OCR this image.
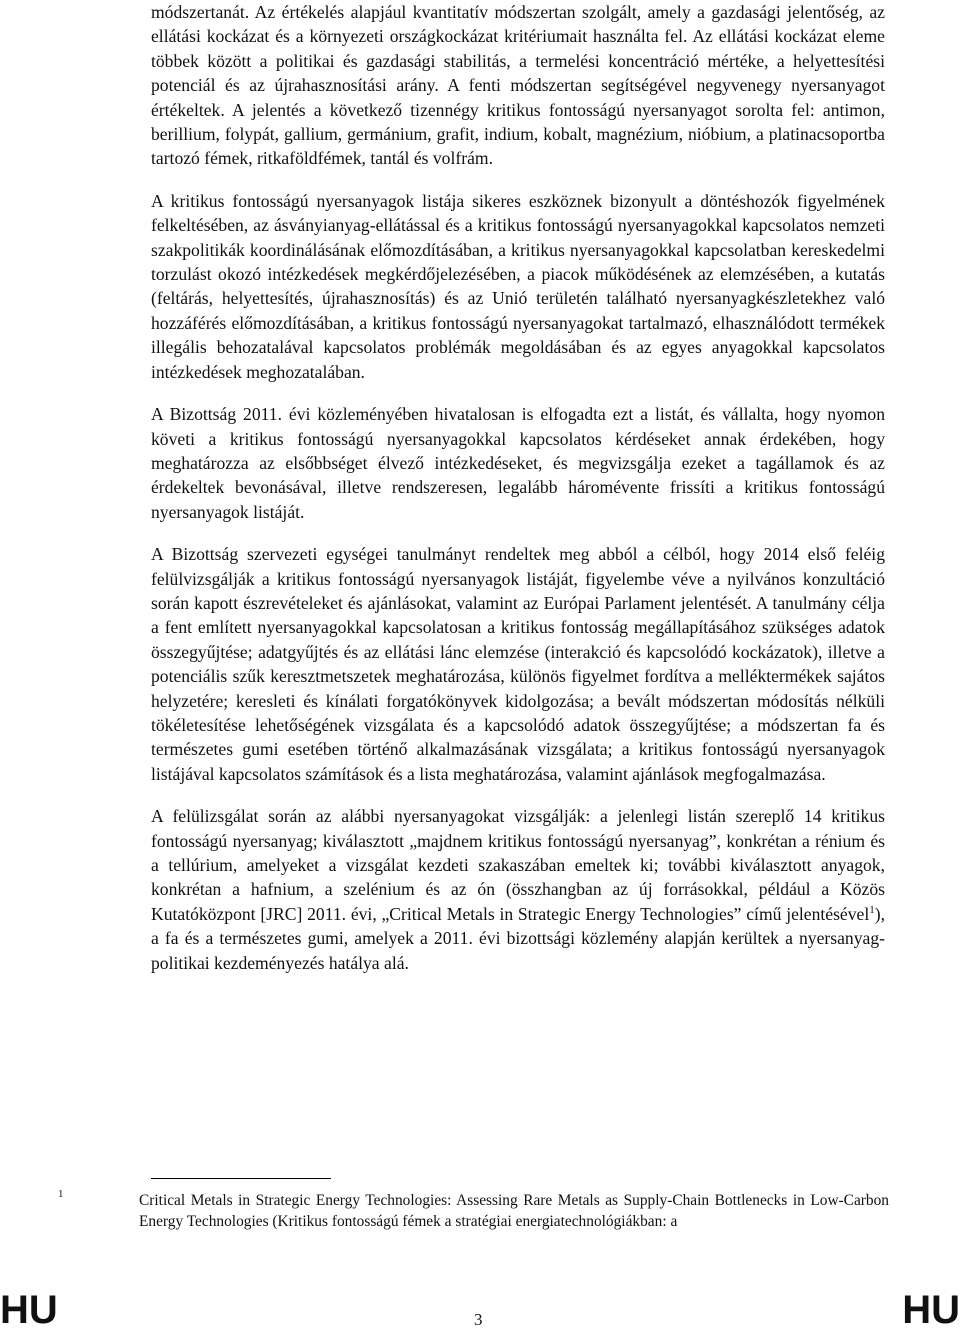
módszertanát. Az értékelés alapjául kvantitatív módszertan szolgált, amely a gazdasági jelentőség, az ellátási kockázat és a környezeti országkockázat kritériumait használta fel. Az ellátási kockázat eleme többek között a politikai és gazdasági stabilitás, a termelési koncentráció mértéke, a helyettesítési potenciál és az újrahasznosítási arány. A fenti módszertan segítségével negyvenegy nyersanyagot értékeltek. A jelentés a következő tizennégy kritikus fontosságú nyersanyagot sorolta fel: antimon, berillium, folypát, gallium, germánium, grafit, indium, kobalt, magnézium, nióbium, a platinacsoportba tartozó fémek, ritkaföldfémek, tantál és volfrám.

A kritikus fontosságú nyersanyagok listája sikeres eszköznek bizonyult a döntéshozók figyelmének felkeltésében, az ásványianyag-ellátással és a kritikus fontosságú nyersanyagokkal kapcsolatos nemzeti szakpolitikák koordinálásának előmozdításában, a kritikus nyersanyagokkal kapcsolatban kereskedelmi torzulást okozó intézkedések megkérdőjelezésében, a piacok működésének az elemzésében, a kutatás (feltárás, helyettesítés, újrahasznosítás) és az Unió területén található nyersanyagkészletekhez való hozzáférés előmozdításában, a kritikus fontosságú nyersanyagokat tartalmazó, elhasználódott termékek illegális behozatalával kapcsolatos problémák megoldásában és az egyes anyagokkal kapcsolatos intézkedések meghozatalában.

A Bizottság 2011. évi közleményében hivatalosan is elfogadta ezt a listát, és vállalta, hogy nyomon követi a kritikus fontosságú nyersanyagokkal kapcsolatos kérdéseket annak érdekében, hogy meghatározza az elsőbbséget élvező intézkedéseket, és megvizsgálja ezeket a tagállamok és az érdekeltek bevonásával, illetve rendszeresen, legalább háromévente frissíti a kritikus fontosságú nyersanyagok listáját.

A Bizottság szervezeti egységei tanulmányt rendeltek meg abból a célból, hogy 2014 első feléig felülvizsgálják a kritikus fontosságú nyersanyagok listáját, figyelembe véve a nyilvános konzultáció során kapott észrevételeket és ajánlásokat, valamint az Európai Parlament jelentését. A tanulmány célja a fent említett nyersanyagokkal kapcsolatosan a kritikus fontosság megállapításához szükséges adatok összegyűjtése; adatgyűjtés és az ellátási lánc elemzése (interakció és kapcsolódó kockázatok), illetve a potenciális szűk keresztmetszetek meghatározása, különös figyelmet fordítva a melléktermékek sajátos helyzetére; keresleti és kínálati forgatókönyvek kidolgozása; a bevált módszertan módosítás nélküli tökéletesítése lehetőségének vizsgálata és a kapcsolódó adatok összegyűjtése; a módszertan fa és természetes gumi esetében történő alkalmazásának vizsgálata; a kritikus fontosságú nyersanyagok listájával kapcsolatos számítások és a lista meghatározása, valamint ajánlások megfogalmazása.

A felülizsgálat során az alábbi nyersanyagokat vizsgálják: a jelenlegi listán szereplő 14 kritikus fontosságú nyersanyag; kiválasztott „majdnem kritikus fontosságú nyersanyag”, konkrétan a rénium és a tellúrium, amelyeket a vizsgálat kezdeti szakaszában emeltek ki; további kiválasztott anyagok, konkrétan a hafnium, a szelénium és az ón (összhangban az új forrásokkal, például a Közös Kutatóközpont [JRC] 2011. évi, „Critical Metals in Strategic Energy Technologies” című jelentésével$^1$), a fa és a természetes gumi, amelyek a 2011. évi bizottsági közlemény alapján kerültek a nyersanyag-politikai kezdeményezés hatálya alá.

1	Critical Metals in Strategic Energy Technologies: Assessing Rare Metals as Supply-Chain Bottlenecks in Low-Carbon Energy Technologies (Kritikus fontosságú fémek a stratégiai energiatechnológiákban: a

HU	3	HU
